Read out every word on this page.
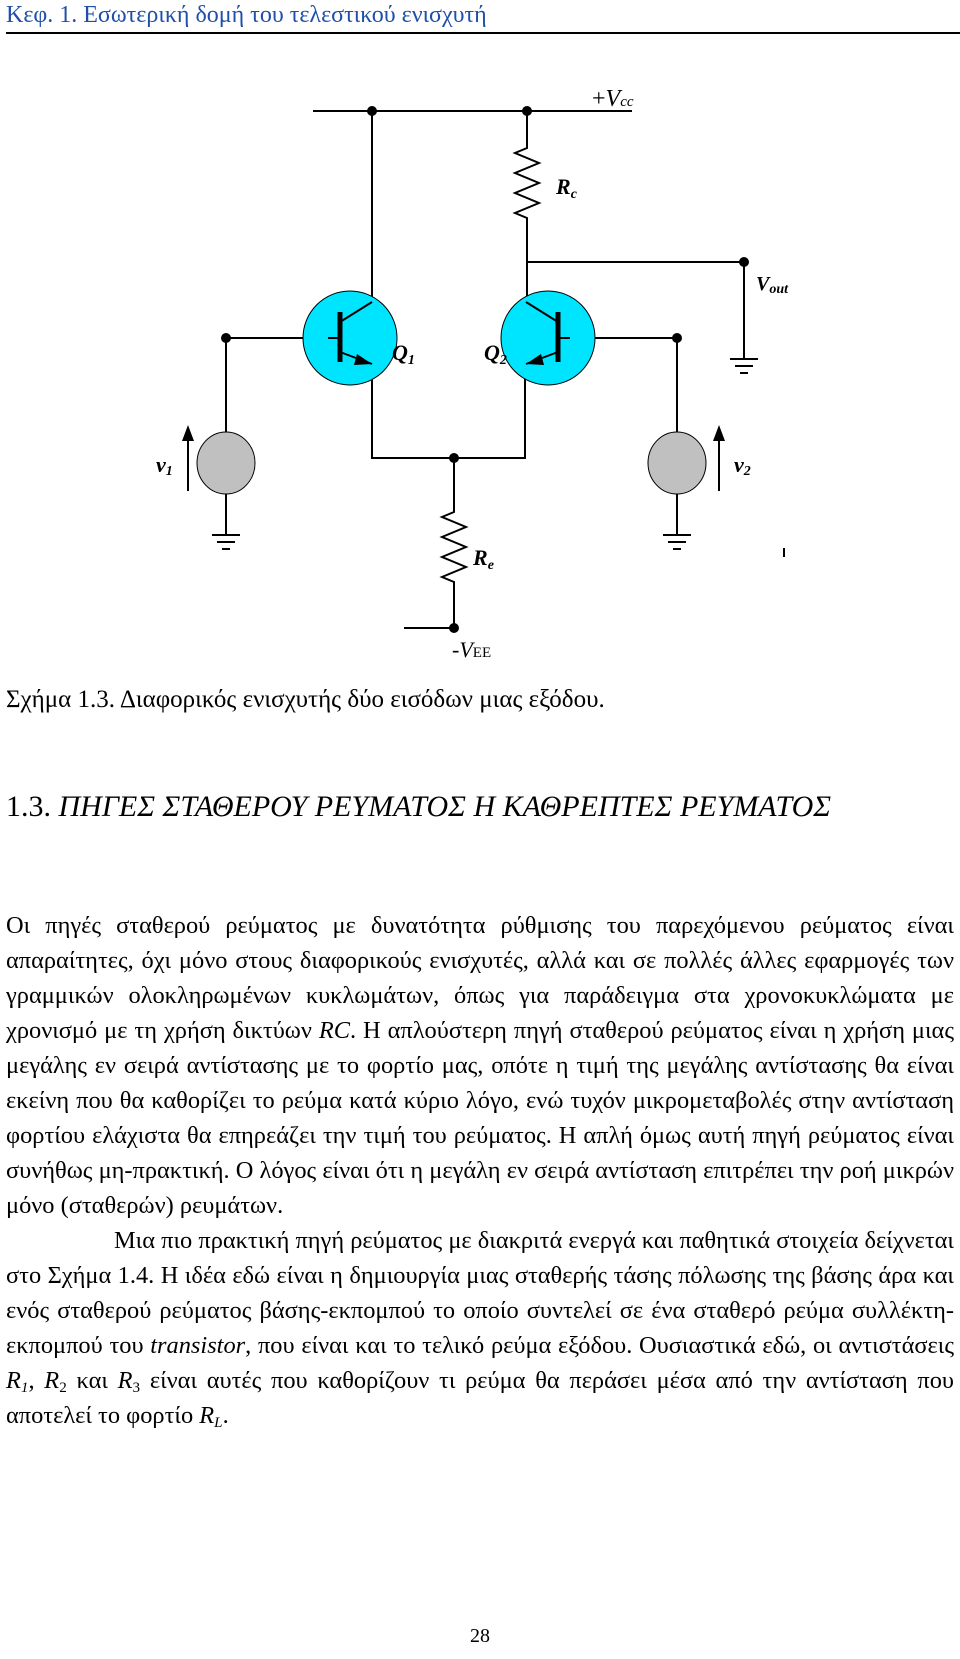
Κεφ. 1. Εσωτερική δομή του τελεστικού ενισχυτή
+Vcc
Rc
Vout
Q1	Q2
v1	v2
Re
-VEE
Σχήμα 1.3. Διαφορικός ενισχυτής δύο εισόδων μιας εξόδου.
1.3. ΠΗΓΕΣ ΣΤΑΘΕΡΟΥ ΡΕΥΜΑΤΟΣ Η ΚΑΘΡΕΠΤΕΣ ΡΕΥΜΑΤΟΣ

Οι πηγές σταθερού ρεύματος με δυνατότητα ρύθμισης του παρεχόμενου ρεύματος είναι απαραίτητες, όχι μόνο στους διαφορικούς ενισχυτές, αλλά και σε πολλές άλλες εφαρμογές των γραμμικών ολοκληρωμένων κυκλωμάτων, όπως για παράδειγμα στα χρονοκυκλώματα με χρονισμό με τη χρήση δικτύων RC. Η απλούστερη πηγή σταθερού ρεύματος είναι η χρήση μιας μεγάλης εν σειρά αντίστασης με το φορτίο μας, οπότε η τιμή της μεγάλης αντίστασης θα είναι εκείνη που θα καθορίζει το ρεύμα κατά κύριο λόγο, ενώ τυχόν μικρομεταβολές στην αντίσταση φορτίου ελάχιστα θα επηρεάζει την τιμή του ρεύματος. Η απλή όμως αυτή πηγή ρεύματος είναι συνήθως μη-πρακτική. Ο λόγος είναι ότι η μεγάλη εν σειρά αντίσταση επιτρέπει την ροή μικρών μόνο (σταθερών) ρευμάτων.

Μια πιο πρακτική πηγή ρεύματος με διακριτά ενεργά και παθητικά στοιχεία δείχνεται στο Σχήμα 1.4. Η ιδέα εδώ είναι η δημιουργία μιας σταθερής τάσης πόλωσης της βάσης άρα και ενός σταθερού ρεύματος βάσης-εκπομπού το οποίο συντελεί σε ένα σταθερό ρεύμα συλλέκτη-εκπομπού του transistor, που είναι και το τελικό ρεύμα εξόδου. Ουσιαστικά εδώ, οι αντιστάσεις $R_1$, $R_2$ και $R_3$ είναι αυτές που καθορίζουν τι ρεύμα θα περάσει μέσα από την αντίσταση που αποτελεί το φορτίο $R_L$.

28
